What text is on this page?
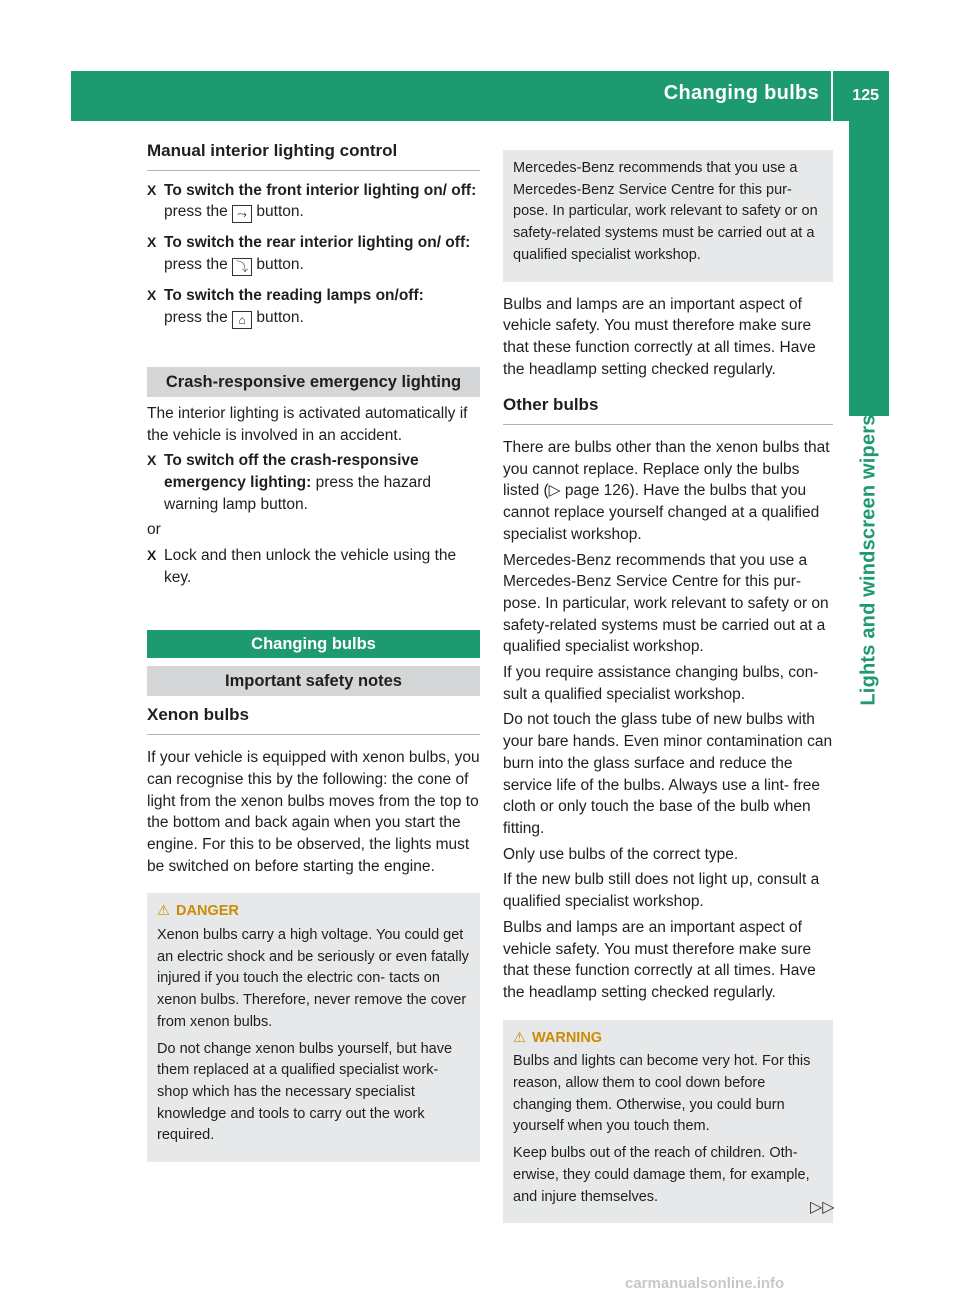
Changing bulbs 125
Lights and windscreen wipers
Manual interior lighting control
X To switch the front interior lighting on/ off: press the ⤳ button.
X To switch the rear interior lighting on/ off: press the ⤵ button.
X To switch the reading lamps on/off:
press the ⌂ button.
Crash-responsive emergency lighting

The interior lighting is activated automatically if the vehicle is involved in an accident.

X To switch off the crash-responsive emergency lighting: press the hazard warning lamp button.

or

X Lock and then unlock the vehicle using the key.
Changing bulbs
Important safety notes
Xenon bulbs

If your vehicle is equipped with xenon bulbs, you can recognise this by the following: the cone of light from the xenon bulbs moves from the top to the bottom and back again when you start the engine. For this to be observed, the lights must be switched on before starting the engine.

⚠ DANGER

Xenon bulbs carry a high voltage. You could get an electric shock and be seriously or even fatally injured if you touch the electric con- tacts on xenon bulbs. Therefore, never remove the cover from xenon bulbs.

Do not change xenon bulbs yourself, but have them replaced at a qualified specialist work- shop which has the necessary specialist knowledge and tools to carry out the work required.

Mercedes-Benz recommends that you use a Mercedes-Benz Service Centre for this pur- pose. In particular, work relevant to safety or on safety-related systems must be carried out at a qualified specialist workshop.

Bulbs and lamps are an important aspect of vehicle safety. You must therefore make sure that these function correctly at all times. Have the headlamp setting checked regularly.

Other bulbs

There are bulbs other than the xenon bulbs that you cannot replace. Replace only the bulbs listed (▷ page 126). Have the bulbs that you cannot replace yourself changed at a qualified specialist workshop.

Mercedes-Benz recommends that you use a Mercedes-Benz Service Centre for this pur- pose. In particular, work relevant to safety or on safety-related systems must be carried out at a qualified specialist workshop.

If you require assistance changing bulbs, con- sult a qualified specialist workshop.

Do not touch the glass tube of new bulbs with your bare hands. Even minor contamination can burn into the glass surface and reduce the service life of the bulbs. Always use a lint- free cloth or only touch the base of the bulb when fitting.

Only use bulbs of the correct type.

If the new bulb still does not light up, consult a qualified specialist workshop.

Bulbs and lamps are an important aspect of vehicle safety. You must therefore make sure that these function correctly at all times. Have the headlamp setting checked regularly.

⚠ WARNING

Bulbs and lights can become very hot. For this reason, allow them to cool down before changing them. Otherwise, you could burn yourself when you touch them.

Keep bulbs out of the reach of children. Oth- erwise, they could damage them, for example, and injure themselves.

▷▷
carmanualsonline.info
